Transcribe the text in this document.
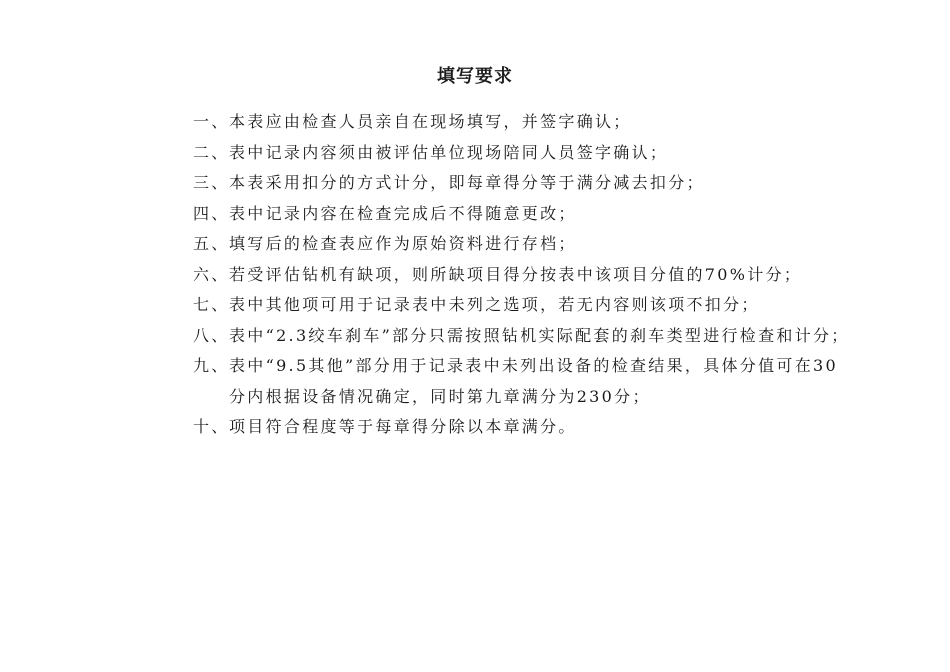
填写要求
一、 本表应由检查人员亲自在现场填写，并签字确认；
二、 表中记录内容须由被评估单位现场陪同人员签字确认；
三、 本表采用扣分的方式计分，即每章得分等于满分减去扣分；
四、 表中记录内容在检查完成后不得随意更改；
五、 填写后的检查表应作为原始资料进行存档；
六、 若受评估钻机有缺项，则所缺项目得分按表中该项目分值的70%计分；
七、 表中其他项可用于记录表中未列之选项，若无内容则该项不扣分；
八、 表中“2.3绞车刹车”部分只需按照钻机实际配套的刹车类型进行检查和计分；
九、 表中“9.5其他”部分用于记录表中未列出设备的检查结果，具体分值可在30
分内根据设备情况确定，同时第九章满分为230分；
十、 项目符合程度等于每章得分除以本章满分。
